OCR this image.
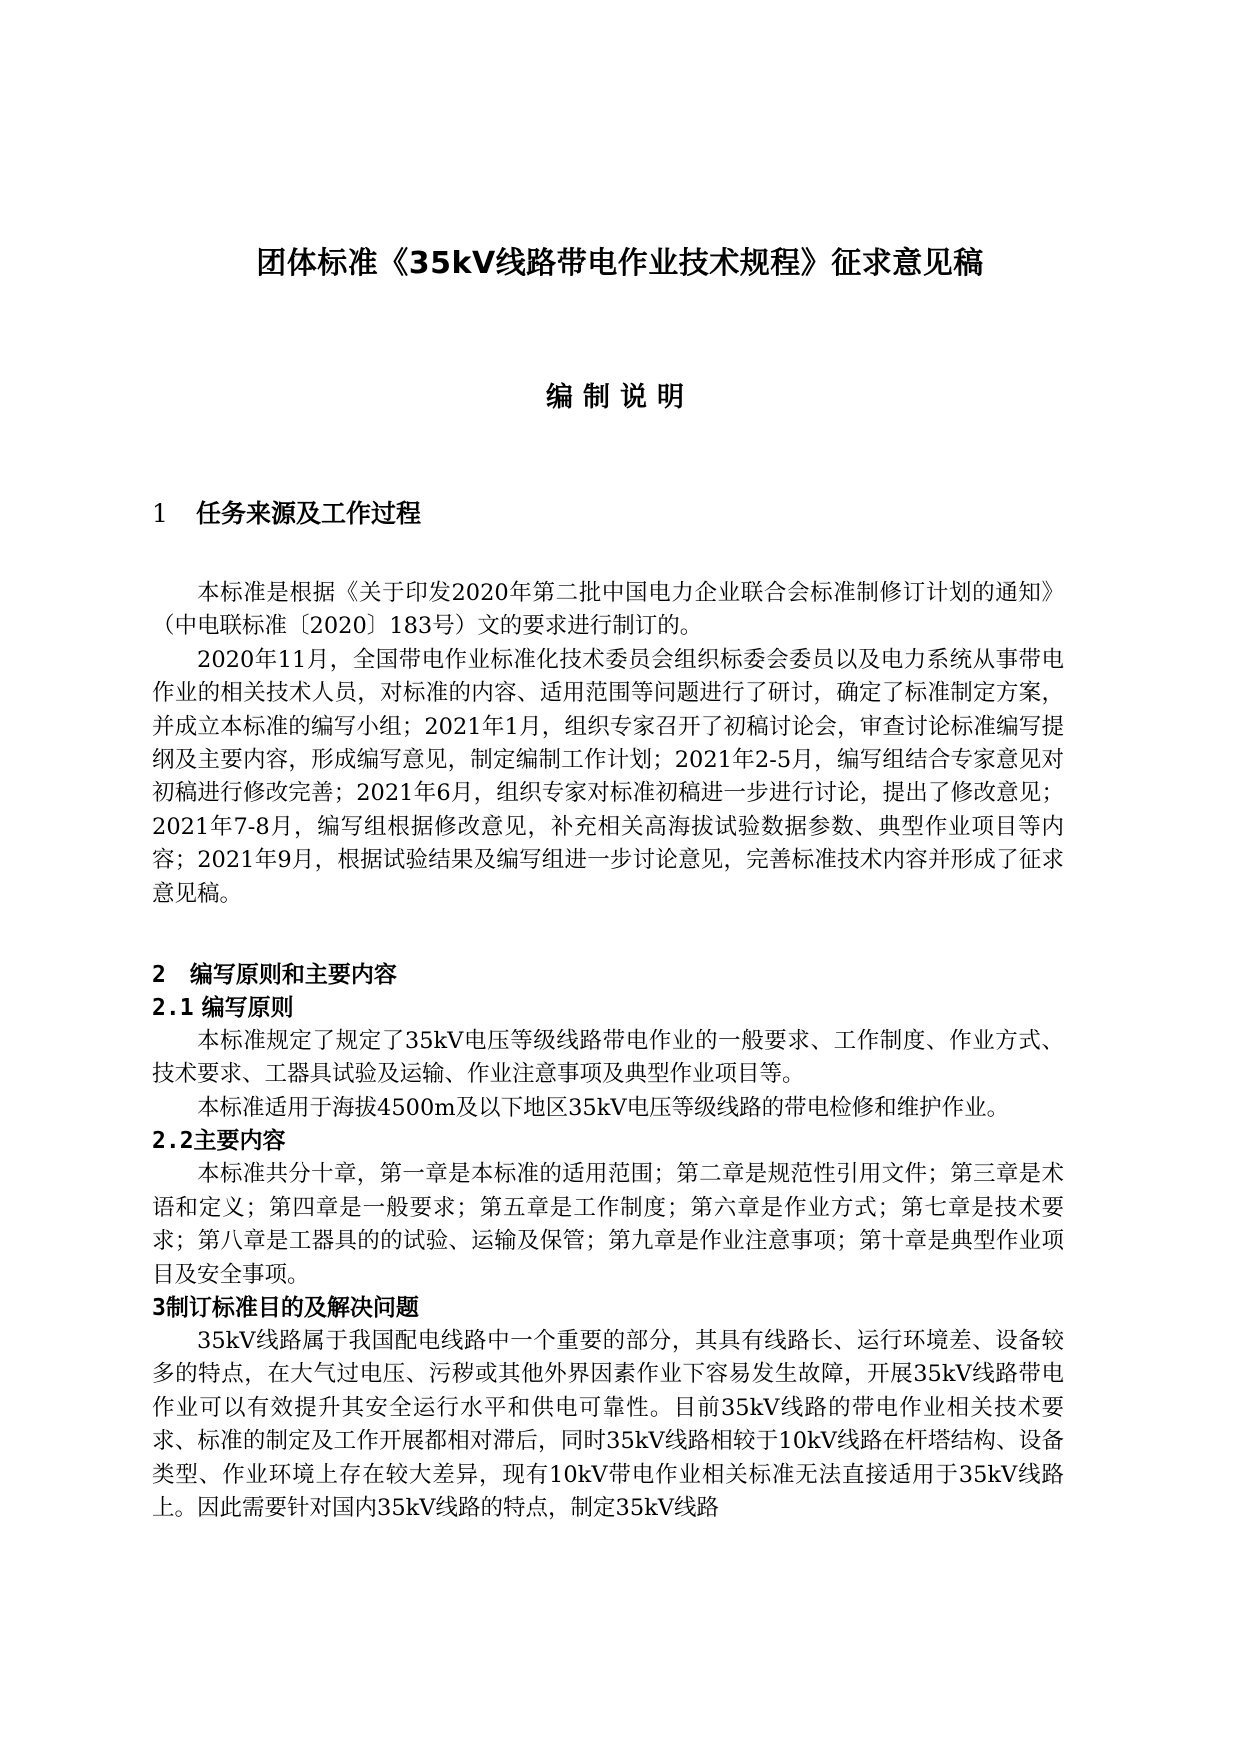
团体标准《35kV线路带电作业技术规程》征求意见稿
编制说明
1 任务来源及工作过程

本标准是根据《关于印发2020年第二批中国电力企业联合会标准制修订计划的通知》（中电联标准〔2020〕183号）文的要求进行制订的。

2020年11月，全国带电作业标准化技术委员会组织标委会委员以及电力系统从事带电作业的相关技术人员，对标准的内容、适用范围等问题进行了研讨，确定了标准制定方案，并成立本标准的编写小组；2021年1月，组织专家召开了初稿讨论会，审查讨论标准编写提纲及主要内容，形成编写意见，制定编制工作计划；2021年2-5月，编写组结合专家意见对初稿进行修改完善；2021年6月，组织专家对标准初稿进一步进行讨论，提出了修改意见；2021年7-8月，编写组根据修改意见，补充相关高海拔试验数据参数、典型作业项目等内容；2021年9月，根据试验结果及编写组进一步讨论意见，完善标准技术内容并形成了征求意见稿。

2 编写原则和主要内容
2.1 编写原则

本标准规定了规定了35kV电压等级线路带电作业的一般要求、工作制度、作业方式、技术要求、工器具试验及运输、作业注意事项及典型作业项目等。

本标准适用于海拔4500m及以下地区35kV电压等级线路的带电检修和维护作业。

2.2主要内容

本标准共分十章，第一章是本标准的适用范围；第二章是规范性引用文件；第三章是术语和定义；第四章是一般要求；第五章是工作制度；第六章是作业方式；第七章是技术要求；第八章是工器具的的试验、运输及保管；第九章是作业注意事项；第十章是典型作业项目及安全事项。

3制订标准目的及解决问题

35kV线路属于我国配电线路中一个重要的部分，其具有线路长、运行环境差、设备较多的特点，在大气过电压、污秽或其他外界因素作业下容易发生故障，开展35kV线路带电作业可以有效提升其安全运行水平和供电可靠性。目前35kV线路的带电作业相关技术要求、标准的制定及工作开展都相对滞后，同时35kV线路相较于10kV线路在杆塔结构、设备类型、作业环境上存在较大差异，现有10kV带电作业相关标准无法直接适用于35kV线路上。因此需要针对国内35kV线路的特点，制定35kV线路
